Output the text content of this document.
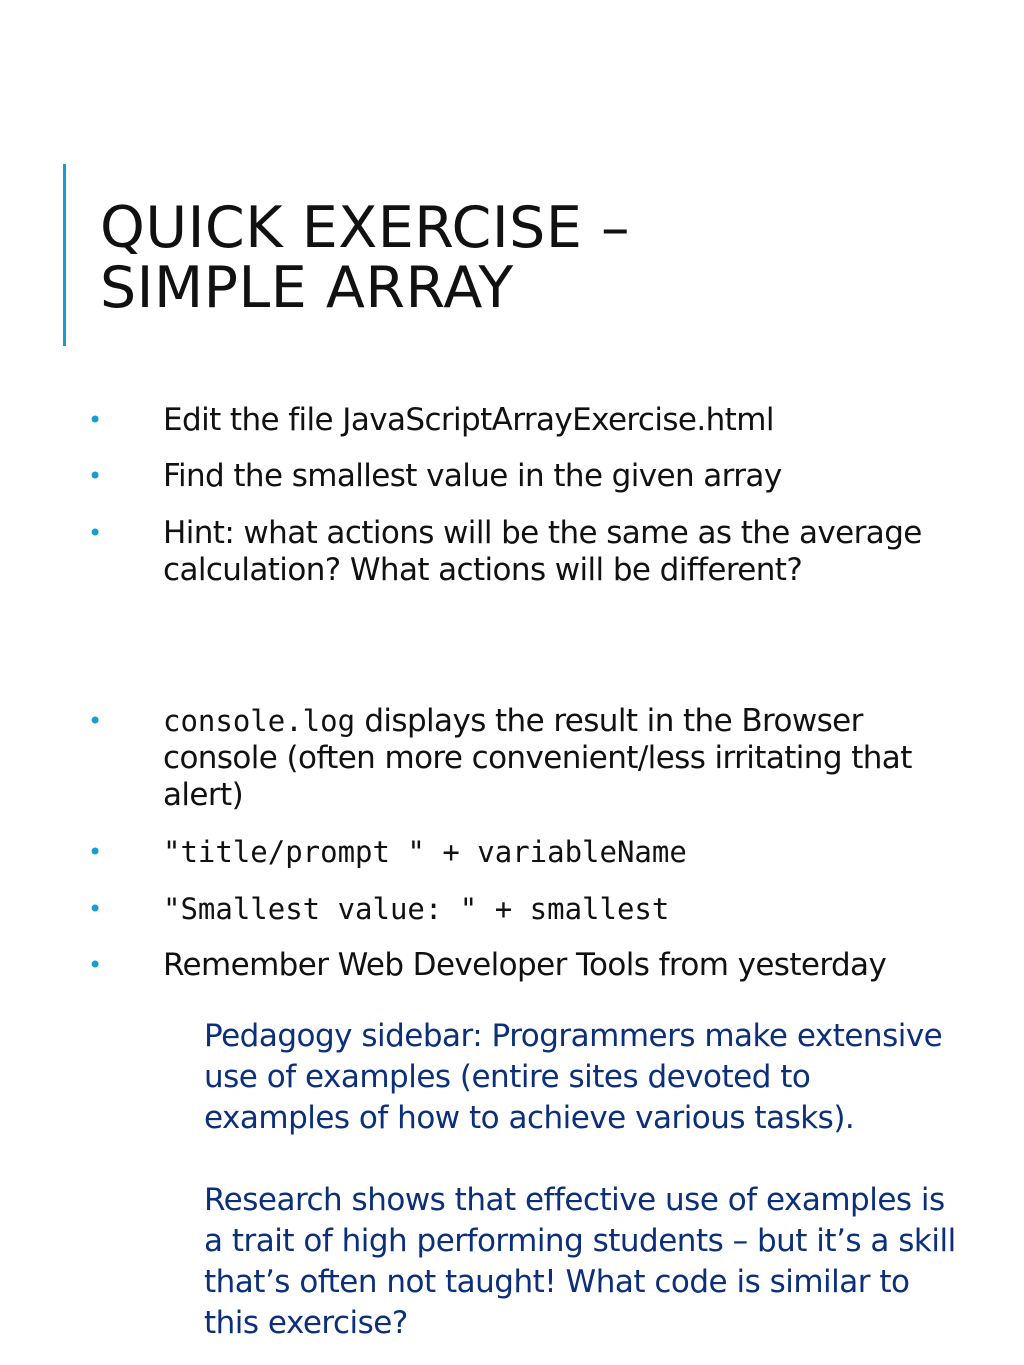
QUICK EXERCISE –
SIMPLE ARRAY
• Edit the file JavaScriptArrayExercise.html
• Find the smallest value in the given array
• Hint: what actions will be the same as the average calculation? What actions will be different?
• console.log displays the result in the Browser console (often more convenient/less irritating that alert)
• "title/prompt " + variableName
• "Smallest value: " + smallest
• Remember Web Developer Tools from yesterday

Pedagogy sidebar: Programmers make extensive use of examples (entire sites devoted to examples of how to achieve various tasks).

Research shows that effective use of examples is a trait of high performing students – but it’s a skill that’s often not taught! What code is similar to this exercise?
